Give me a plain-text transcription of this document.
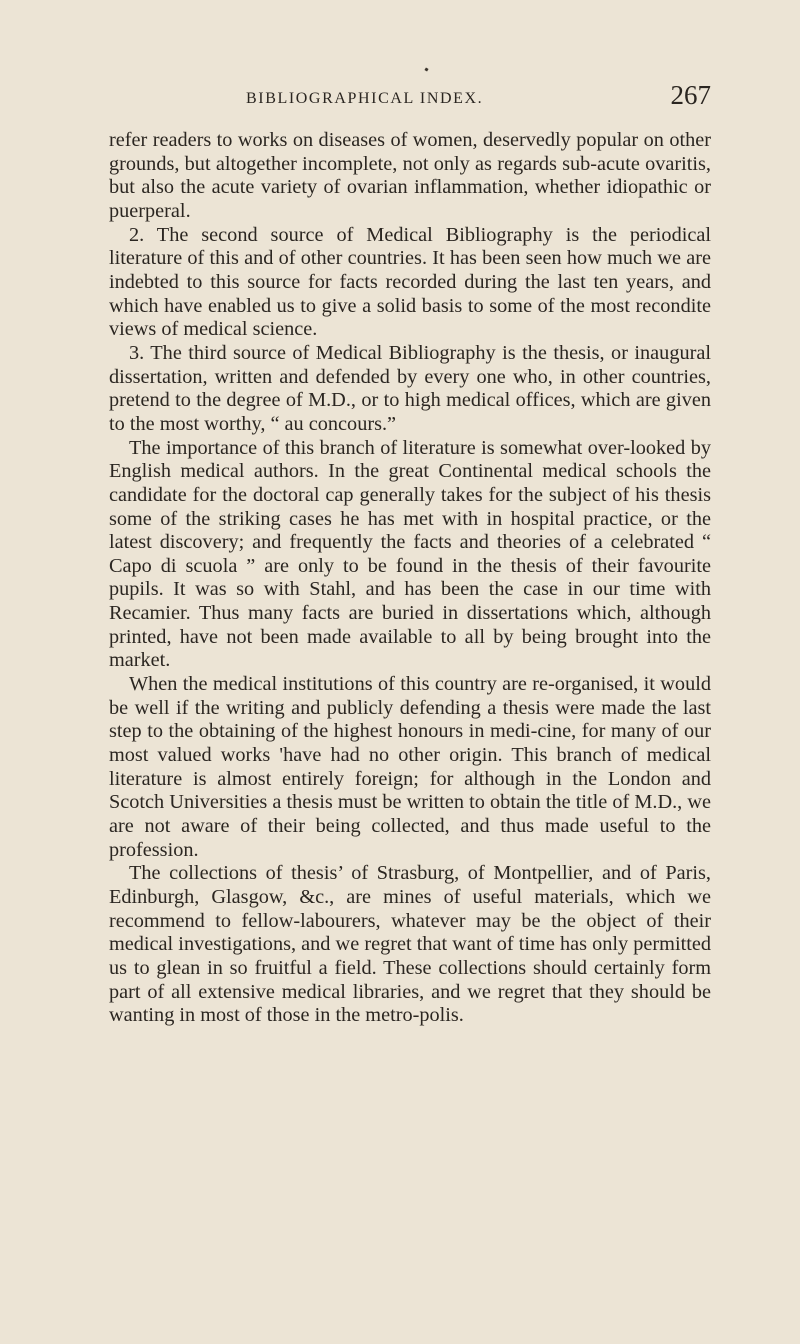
BIBLIOGRAPHICAL INDEX.	267

refer readers to works on diseases of women, deservedly popular on other grounds, but altogether incomplete, not only as regards sub-acute ovaritis, but also the acute variety of ovarian inflammation, whether idiopathic or puerperal.

2. The second source of Medical Bibliography is the periodical literature of this and of other countries. It has been seen how much we are indebted to this source for facts recorded during the last ten years, and which have enabled us to give a solid basis to some of the most recondite views of medical science.

3. The third source of Medical Bibliography is the thesis, or inaugural dissertation, written and defended by every one who, in other countries, pretend to the degree of M.D., or to high medical offices, which are given to the most worthy, “ au concours.”

The importance of this branch of literature is somewhat over-looked by English medical authors. In the great Continental medical schools the candidate for the doctoral cap generally takes for the subject of his thesis some of the striking cases he has met with in hospital practice, or the latest discovery; and frequently the facts and theories of a celebrated “ Capo di scuola ” are only to be found in the thesis of their favourite pupils. It was so with Stahl, and has been the case in our time with Recamier. Thus many facts are buried in dissertations which, although printed, have not been made available to all by being brought into the market.

When the medical institutions of this country are re-organised, it would be well if the writing and publicly defending a thesis were made the last step to the obtaining of the highest honours in medi-cine, for many of our most valued works 'have had no other origin. This branch of medical literature is almost entirely foreign; for although in the London and Scotch Universities a thesis must be written to obtain the title of M.D., we are not aware of their being collected, and thus made useful to the profession.

The collections of thesis’ of Strasburg, of Montpellier, and of Paris, Edinburgh, Glasgow, &c., are mines of useful materials, which we recommend to fellow-labourers, whatever may be the object of their medical investigations, and we regret that want of time has only permitted us to glean in so fruitful a field. These collections should certainly form part of all extensive medical libraries, and we regret that they should be wanting in most of those in the metro-polis.
